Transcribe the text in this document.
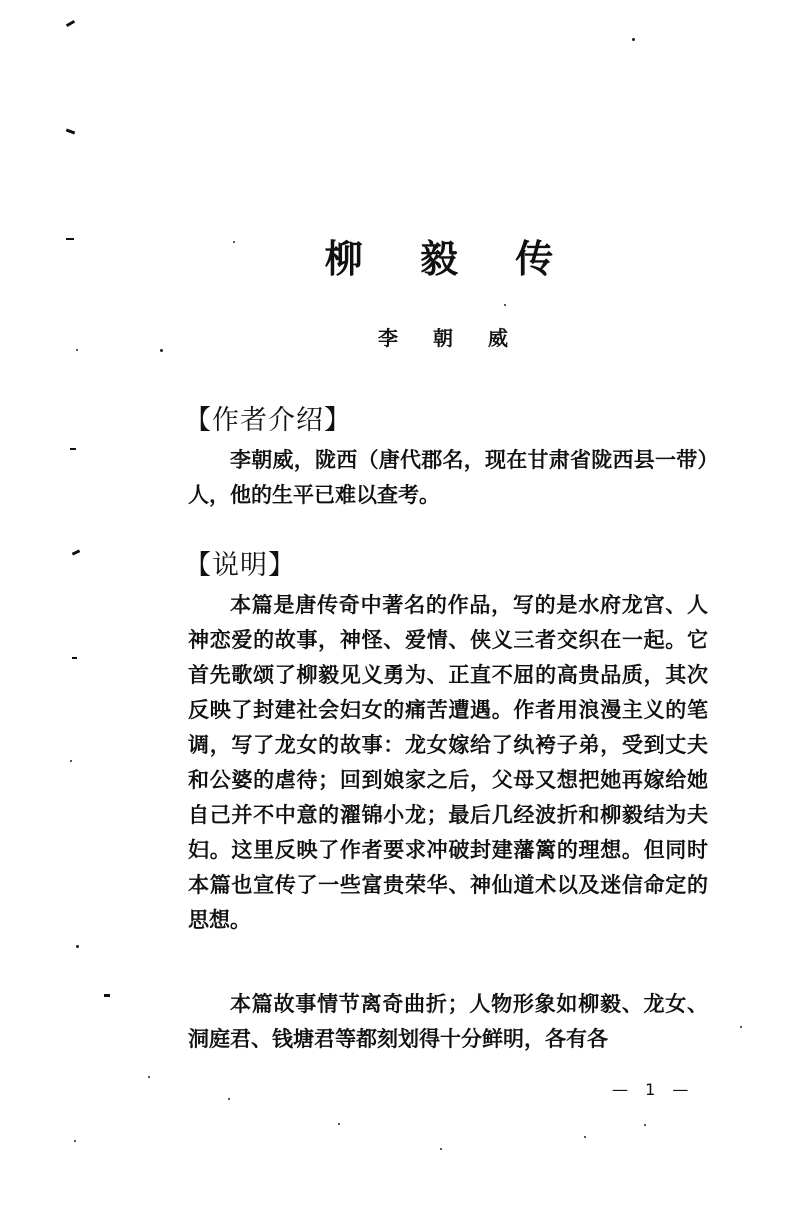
柳 毅 传
李 朝 威
【作者介绍】
李朝威，陇西（唐代郡名，现在甘肃省陇西县一带）人，他的生平已难以查考。
【说明】
本篇是唐传奇中著名的作品，写的是水府龙宫、人神恋爱的故事，神怪、爱情、侠义三者交织在一起。它首先歌颂了柳毅见义勇为、正直不屈的高贵品质，其次反映了封建社会妇女的痛苦遭遇。作者用浪漫主义的笔调，写了龙女的故事：龙女嫁给了纨袴子弟，受到丈夫和公婆的虐待；回到娘家之后，父母又想把她再嫁给她自己并不中意的濯锦小龙；最后几经波折和柳毅结为夫妇。这里反映了作者要求冲破封建藩篱的理想。但同时本篇也宣传了一些富贵荣华、神仙道术以及迷信命定的思想。
本篇故事情节离奇曲折；人物形象如柳毅、龙女、洞庭君、钱塘君等都刻划得十分鲜明，各有各
— 1 —
